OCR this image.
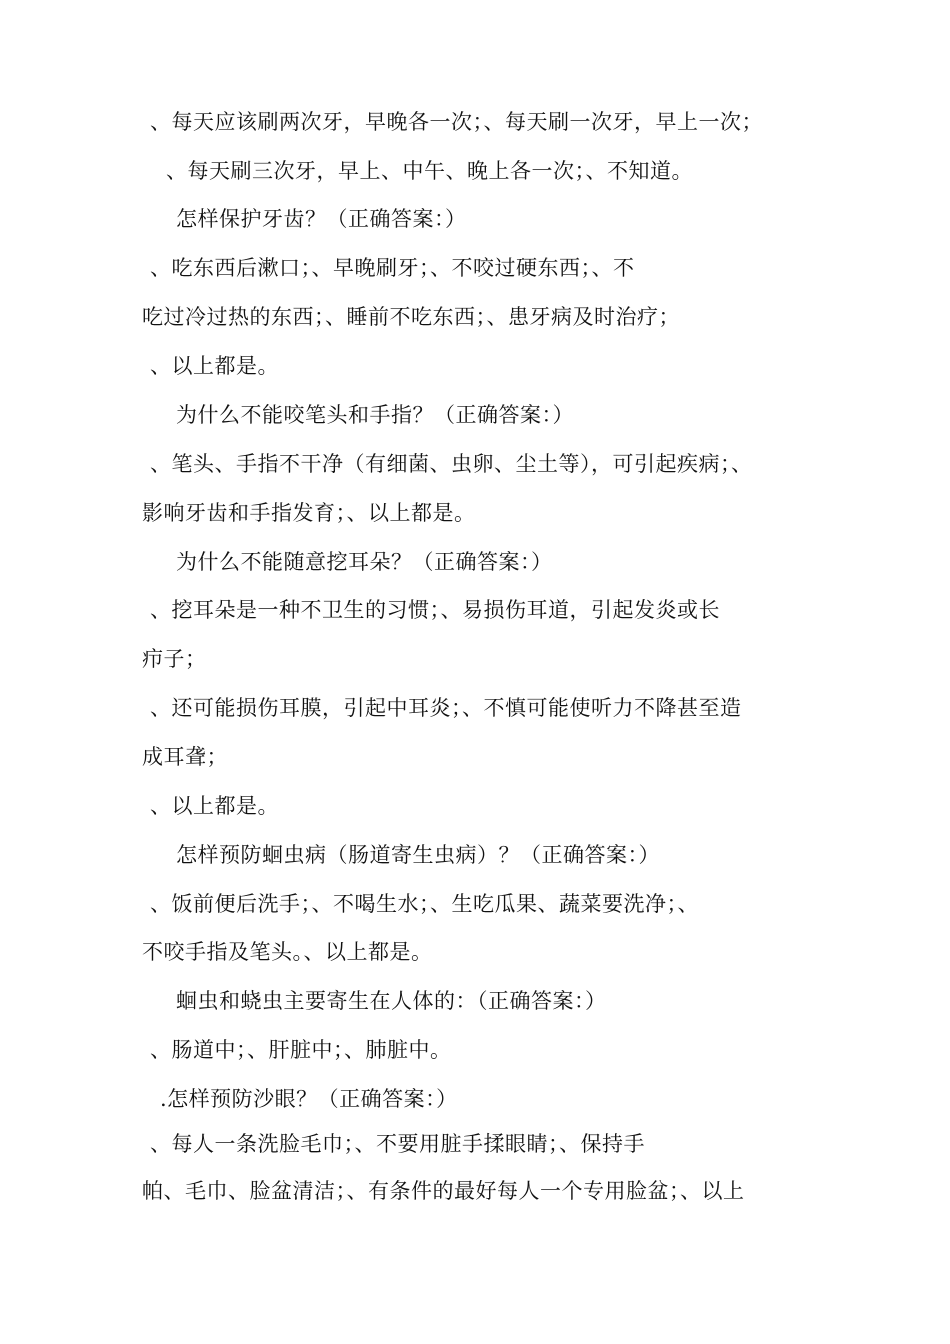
、每天应该刷两次牙，早晚各一次；、每天刷一次牙，早上一次；
、每天刷三次牙，早上、中午、晚上各一次；、不知道。
怎样保护牙齿？（正确答案：）
、吃东西后漱口；、早晚刷牙；、不咬过硬东西；、不
吃过冷过热的东西；、睡前不吃东西；、患牙病及时治疗；
、以上都是。
为什么不能咬笔头和手指？（正确答案：）
、笔头、手指不干净（有细菌、虫卵、尘土等），可引起疾病；、
影响牙齿和手指发育；、以上都是。
为什么不能随意挖耳朵？（正确答案：）
、挖耳朵是一种不卫生的习惯；、易损伤耳道，引起发炎或长
疖子；
、还可能损伤耳膜，引起中耳炎；、不慎可能使听力不降甚至造
成耳聋；
、以上都是。
怎样预防蛔虫病（肠道寄生虫病）？（正确答案：）
、饭前便后洗手；、不喝生水；、生吃瓜果、蔬菜要洗净；、
不咬手指及笔头。、以上都是。
蛔虫和蛲虫主要寄生在人体的：（正确答案：）
、肠道中；、肝脏中；、肺脏中。
.怎样预防沙眼？（正确答案：）
、每人一条洗脸毛巾；、不要用脏手揉眼睛；、保持手
帕、毛巾、脸盆清洁；、有条件的最好每人一个专用脸盆；、以上
